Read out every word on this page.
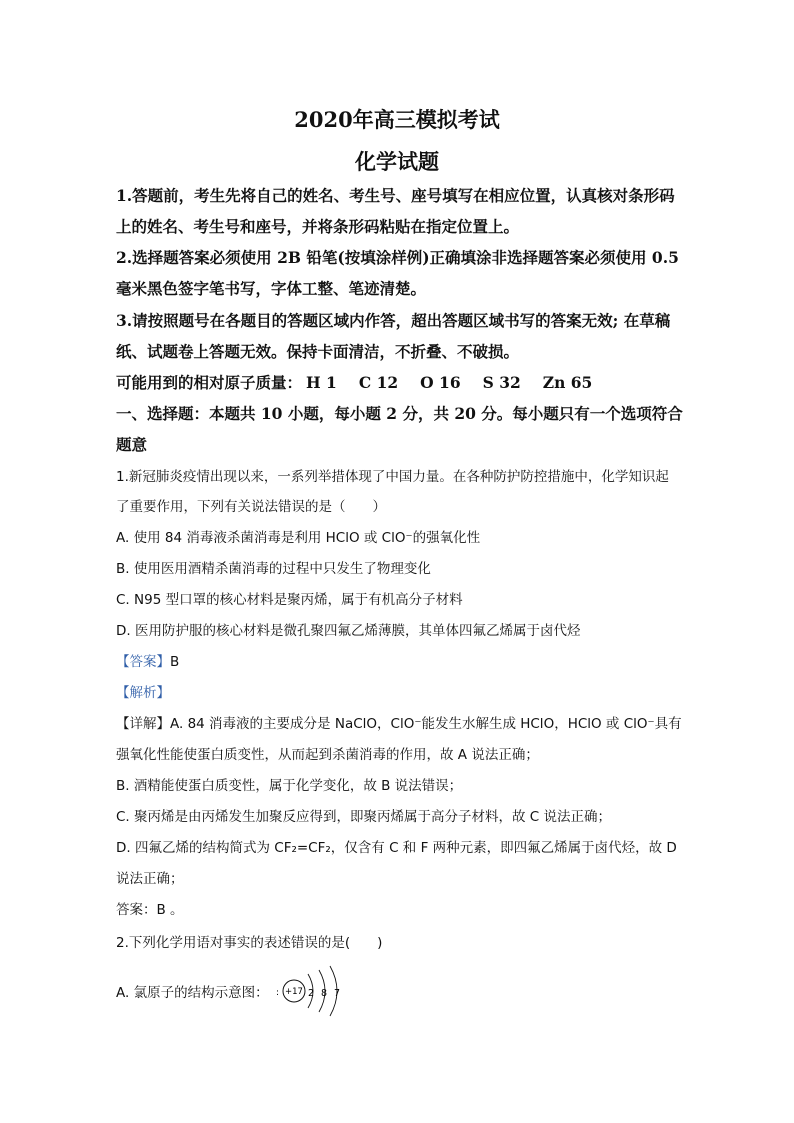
2020年高三模拟考试
化学试题
1.答题前，考生先将自己的姓名、考生号、座号填写在相应位置，认真核对条形码
上的姓名、考生号和座号，并将条形码粘贴在指定位置上。
2.选择题答案必须使用 2B 铅笔(按填涂样例)正确填涂非选择题答案必须使用 0.5
毫米黑色签字笔书写，字体工整、笔迹清楚。
3.请按照题号在各题目的答题区域内作答，超出答题区域书写的答案无效; 在草稿
纸、试题卷上答题无效。保持卡面清洁，不折叠、不破损。
可能用到的相对原子质量： H 1 C 12 O 16 S 32 Zn 65
一、选择题：本题共 10 小题，每小题 2 分，共 20 分。每小题只有一个选项符合
题意
1.新冠肺炎疫情出现以来，一系列举措体现了中国力量。在各种防护防控措施中，化学知识起
了重要作用，下列有关说法错误的是（　　）
A. 使用 84 消毒液杀菌消毒是利用 HClO 或 ClO⁻的强氧化性
B. 使用医用酒精杀菌消毒的过程中只发生了物理变化
C. N95 型口罩的核心材料是聚丙烯，属于有机高分子材料
D. 医用防护服的核心材料是微孔聚四氟乙烯薄膜，其单体四氟乙烯属于卤代烃
【答案】B
【解析】
【详解】A. 84 消毒液的主要成分是 NaClO，ClO⁻能发生水解生成 HClO，HClO 或 ClO⁻具有
强氧化性能使蛋白质变性，从而起到杀菌消毒的作用，故 A 说法正确；
B. 酒精能使蛋白质变性，属于化学变化，故 B 说法错误；
C. 聚丙烯是由丙烯发生加聚反应得到，即聚丙烯属于高分子材料，故 C 说法正确；
D. 四氟乙烯的结构简式为 CF₂=CF₂，仅含有 C 和 F 两种元素，即四氟乙烯属于卤代烃，故 D
说法正确；
答案：B 。
2.下列化学用语对事实的表述错误的是(　　)
A. 氯原子的结构示意图： : +17 2 8 7
